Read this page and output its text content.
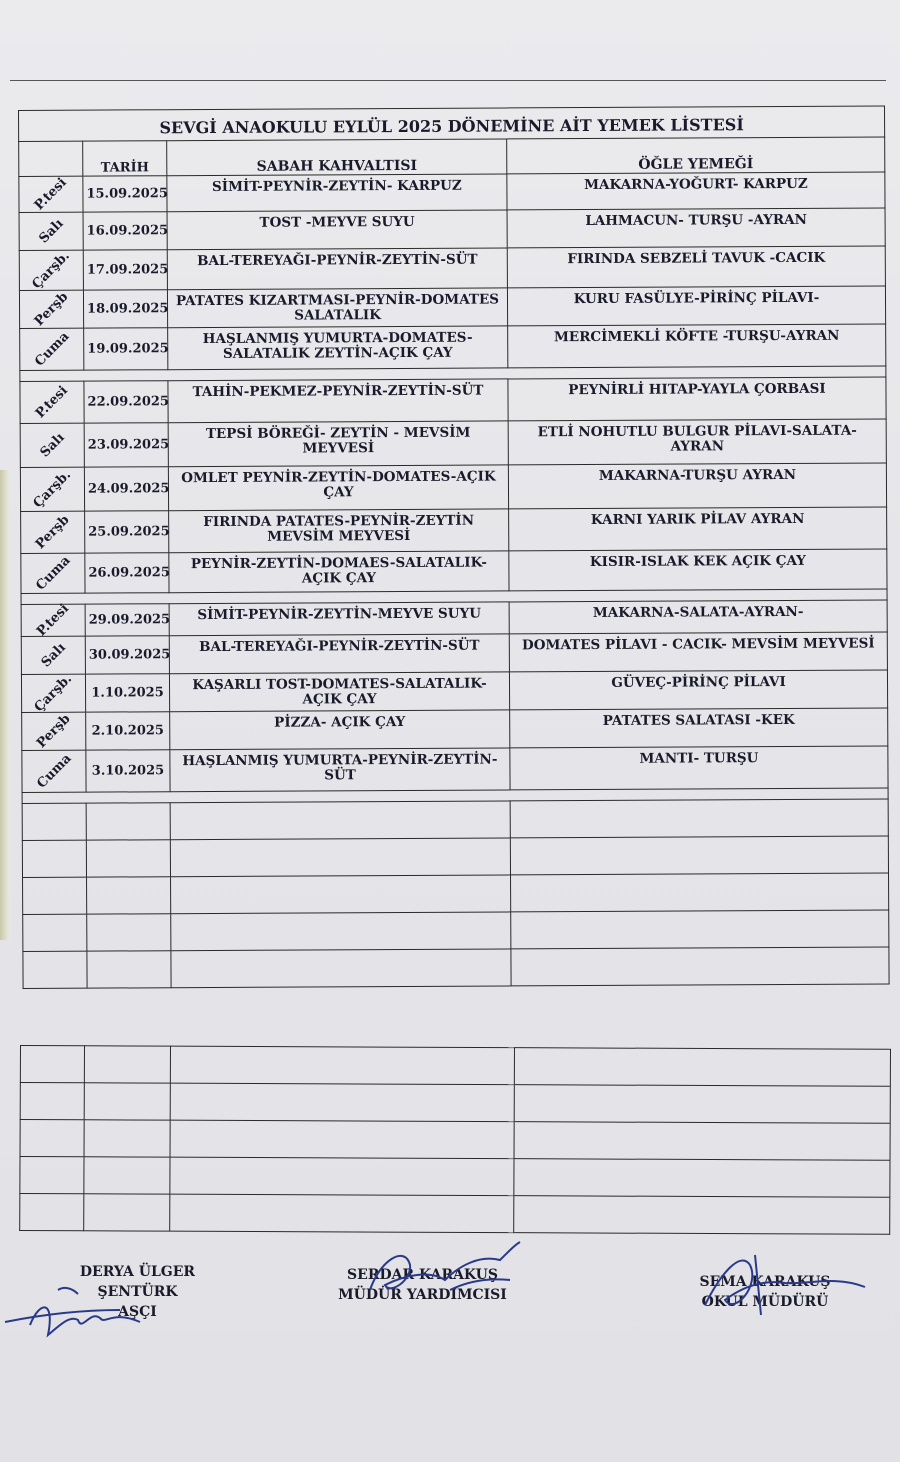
SEVGİ ANAOKULU EYLÜL 2025 DÖNEMİNE AİT YEMEK LİSTESİ			
	TARİH	SABAH KAHVALTISI	ÖĞLE YEMEĞİ
P.tesi	15.09.2025	SİMİT-PEYNİR-ZEYTİN- KARPUZ	MAKARNA-YOĞURT- KARPUZ
Salı	16.09.2025	TOST -MEYVE SUYU	LAHMACUN- TURŞU -AYRAN
Çarşb.	17.09.2025	BAL-TEREYAĞI-PEYNİR-ZEYTİN-SÜT	FIRINDA SEBZELİ TAVUK -CACIK
Perşb	18.09.2025	PATATES KIZARTMASI-PEYNİR-DOMATES SALATALIK	KURU FASÜLYE-PİRİNÇ PİLAVI-
Cuma	19.09.2025	HAŞLANMIŞ YUMURTA-DOMATES-SALATALIK ZEYTİN-AÇIK ÇAY	MERCİMEKLİ KÖFTE -TURŞU-AYRAN

P.tesi	22.09.2025	TAHİN-PEKMEZ-PEYNİR-ZEYTİN-SÜT	PEYNİRLİ HITAP-YAYLA ÇORBASI
Salı	23.09.2025	TEPSİ BÖREĞİ- ZEYTİN - MEVSİM MEYVESİ	ETLİ NOHUTLU BULGUR PİLAVI-SALATA-AYRAN
Çarşb.	24.09.2025	OMLET PEYNİR-ZEYTİN-DOMATES-AÇIK ÇAY	MAKARNA-TURŞU AYRAN
Perşb	25.09.2025	FIRINDA PATATES-PEYNİR-ZEYTİN MEVSİM MEYVESİ	KARNI YARIK PİLAV AYRAN
Cuma	26.09.2025	PEYNİR-ZEYTİN-DOMAES-SALATALIK-AÇIK ÇAY	KISIR-ISLAK KEK AÇIK ÇAY

P.tesi	29.09.2025	SİMİT-PEYNİR-ZEYTİN-MEYVE SUYU	MAKARNA-SALATA-AYRAN-
Salı	30.09.2025	BAL-TEREYAĞI-PEYNİR-ZEYTİN-SÜT	DOMATES PİLAVI - CACIK- MEVSİM MEYVESİ
Çarşb.	1.10.2025	KAŞARLI TOST-DOMATES-SALATALIK-AÇIK ÇAY	GÜVEÇ-PİRİNÇ PİLAVI
Perşb	2.10.2025	PİZZA- AÇIK ÇAY	PATATES SALATASI -KEK
Cuma	3.10.2025	HAŞLANMIŞ YUMURTA-PEYNİR-ZEYTİN-SÜT	MANTI- TURŞU

DERYA ÜLGER ŞENTÜRK
AŞÇI
SERDAR KARAKUŞ
MÜDÜR YARDIMCISI
SEMA KARAKUŞ
OKUL MÜDÜRÜ
